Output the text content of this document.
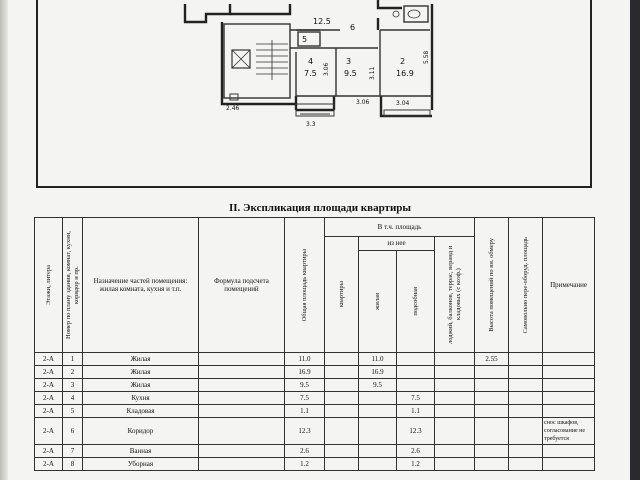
12.5
6
5
4
7.5
3
9.5
2
16.9
2.46
3.06	3.04
3.3
3.06	3.11
5.58
II. Экспликация площади квартиры
Этажи, литера	Номер по плану здания, комнат, кухни, коридор и пр.	Назначение частей помещения: жилая комната, кухня и т.п.	Формула подсчета помещений	Общая площадь квартиры	В т.ч. площадь				Высота помещений по вн. обмеру	Самовольно пере-оборуд. площадь	Примечание

					квартиры	из нее		лоджий, балконов, террас, веранд и кладовых (с коэф.)			

						жилая	подсобная				

2-А	1	Жилая		11.0		11.0			2.55		
2-А	2	Жилая		16.9		16.9					
2-А	3	Жилая		9.5		9.5					
2-А	4	Кухня		7.5			7.5				
2-А	5	Кладовая		1.1			1.1				
2-А	6	Коридор		12.3			12.3				снос шкафов, согласование не требуется
2-А	7	Ванная		2.6			2.6				
2-А	8	Уборная		1.2			1.2				
